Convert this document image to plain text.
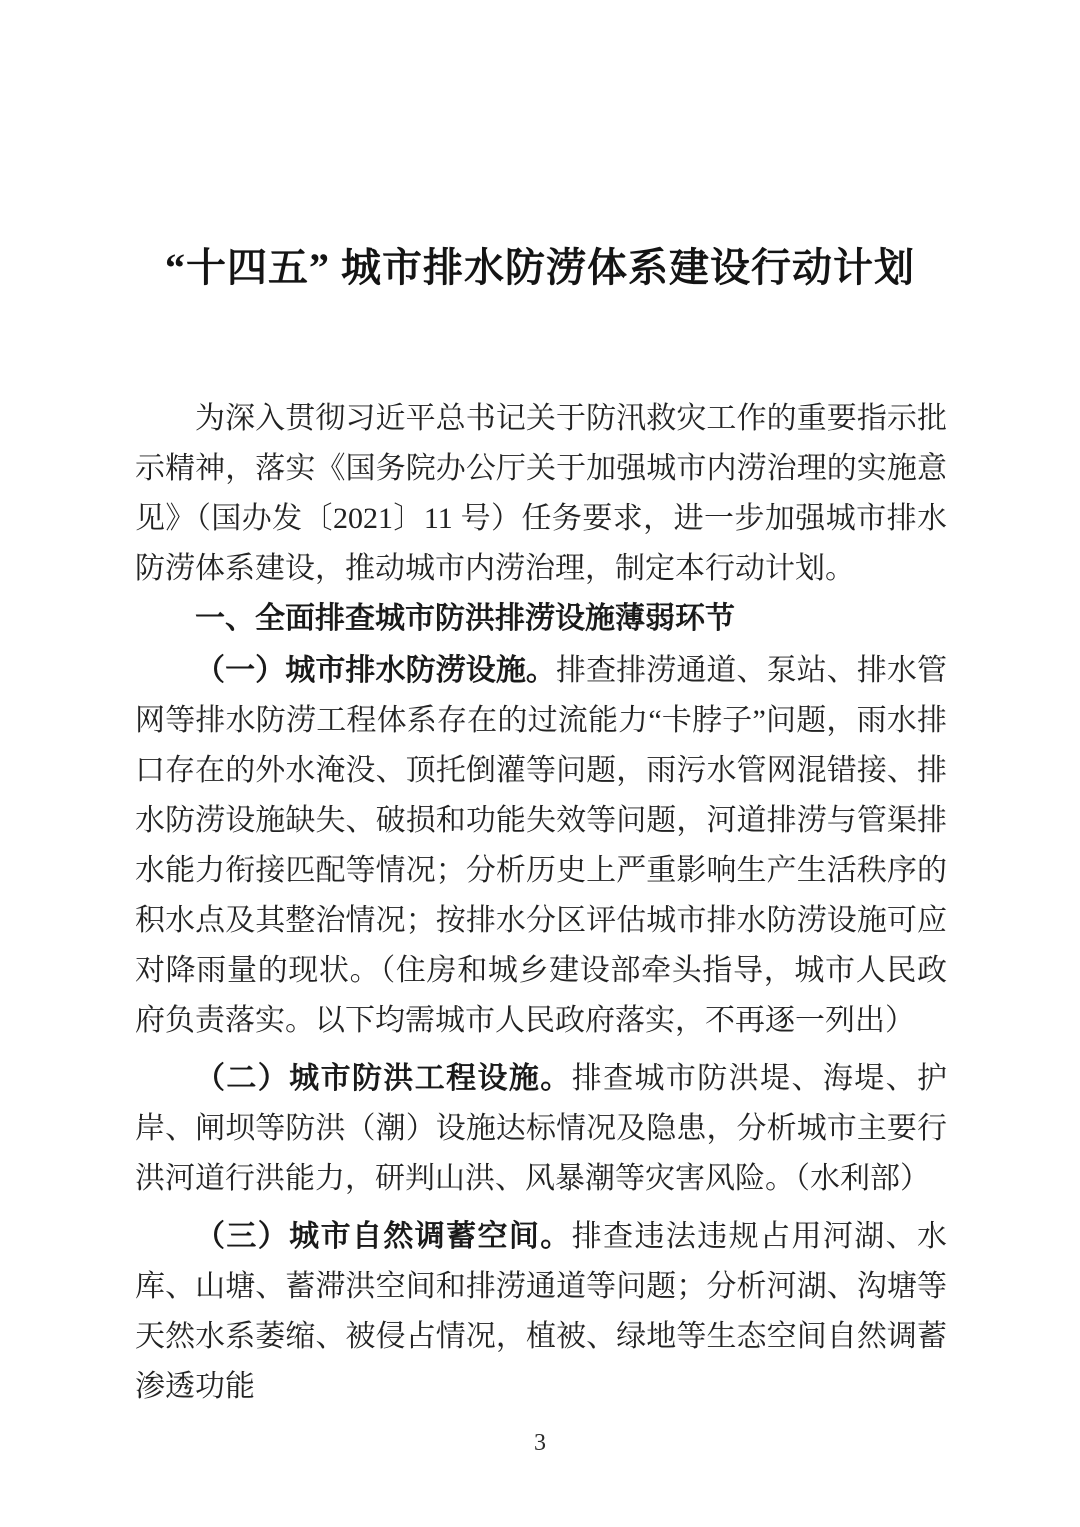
“十四五” 城市排水防涝体系建设行动计划

为深入贯彻习近平总书记关于防汛救灾工作的重要指示批示精神，落实《国务院办公厅关于加强城市内涝治理的实施意见》（国办发〔2021〕11 号）任务要求，进一步加强城市排水防涝体系建设，推动城市内涝治理，制定本行动计划。

一、全面排查城市防洪排涝设施薄弱环节

（一）城市排水防涝设施。排查排涝通道、泵站、排水管网等排水防涝工程体系存在的过流能力“卡脖子”问题，雨水排口存在的外水淹没、顶托倒灌等问题，雨污水管网混错接、排水防涝设施缺失、破损和功能失效等问题，河道排涝与管渠排水能力衔接匹配等情况；分析历史上严重影响生产生活秩序的积水点及其整治情况；按排水分区评估城市排水防涝设施可应对降雨量的现状。（住房和城乡建设部牵头指导，城市人民政府负责落实。以下均需城市人民政府落实，不再逐一列出）

（二）城市防洪工程设施。排查城市防洪堤、海堤、护岸、闸坝等防洪（潮）设施达标情况及隐患，分析城市主要行洪河道行洪能力，研判山洪、风暴潮等灾害风险。（水利部）

（三）城市自然调蓄空间。排查违法违规占用河湖、水库、山塘、蓄滞洪空间和排涝通道等问题；分析河湖、沟塘等天然水系萎缩、被侵占情况，植被、绿地等生态空间自然调蓄渗透功能

3
